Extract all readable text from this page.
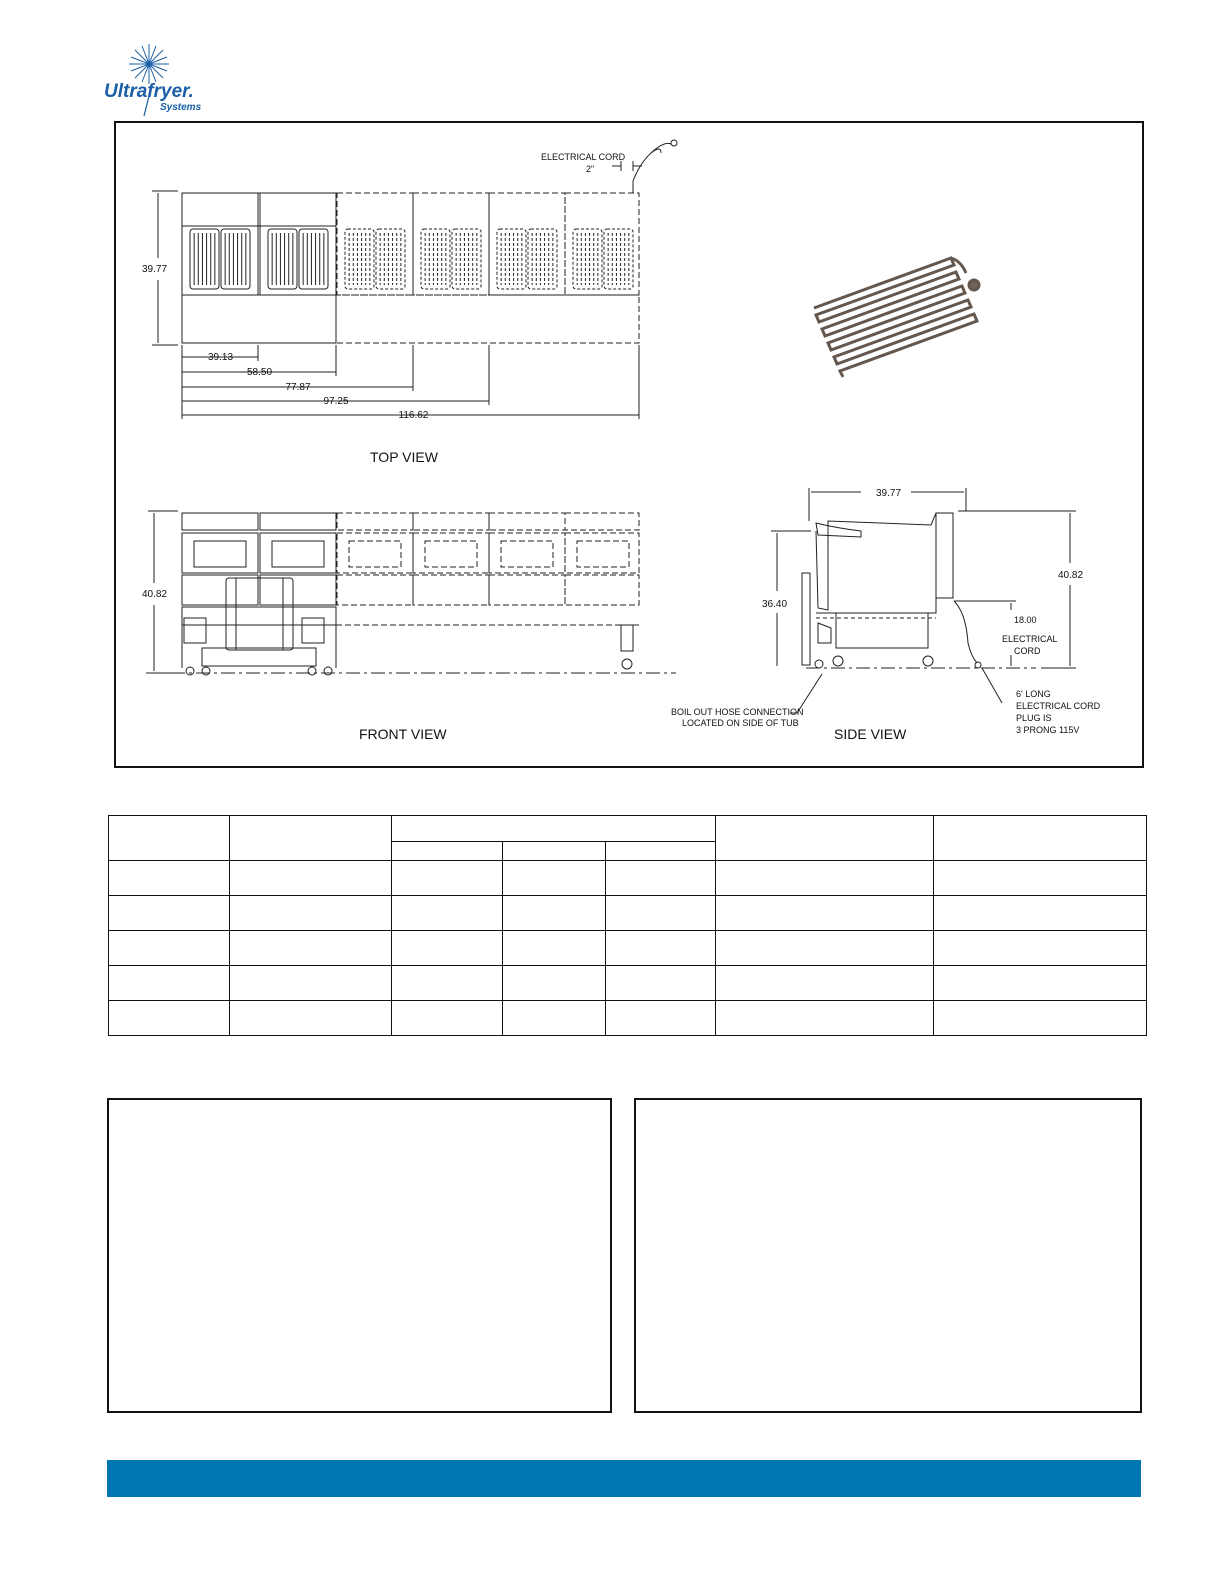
Ultrafryer.
Systems
ELECTRICAL CORD
2"
39.77
39.13
58.50
77.87
97.25
116.62
TOP VIEW
40.82
FRONT VIEW
39.77
40.82
36.40
18.00
ELECTRICAL
CORD
BOIL OUT HOSE CONNECTION
LOCATED ON SIDE OF TUB
6' LONG
ELECTRICAL CORD
PLUG IS
3 PRONG 115V
SIDE VIEW
